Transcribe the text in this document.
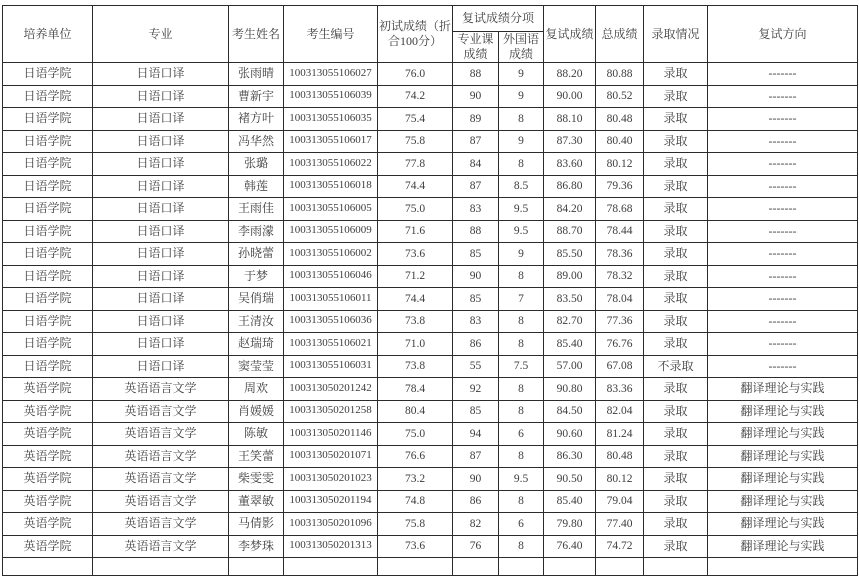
培养单位	专业	考生姓名	考生编号	初试成绩（折合100分）	复试成绩分项		复试成绩	总成绩	录取情况	复试方向
					专业课成绩	外国语成绩				
日语学院	日语口译	张雨晴	100313055106027	76.0	88	9	88.20	80.88	录取	-------
日语学院	日语口译	曹新宇	100313055106039	74.2	90	9	90.00	80.52	录取	-------
日语学院	日语口译	褚方叶	100313055106035	75.4	89	8	88.10	80.48	录取	-------
日语学院	日语口译	冯华然	100313055106017	75.8	87	9	87.30	80.40	录取	-------
日语学院	日语口译	张璐	100313055106022	77.8	84	8	83.60	80.12	录取	-------
日语学院	日语口译	韩莲	100313055106018	74.4	87	8.5	86.80	79.36	录取	-------
日语学院	日语口译	王雨佳	100313055106005	75.0	83	9.5	84.20	78.68	录取	-------
日语学院	日语口译	李雨濛	100313055106009	71.6	88	9.5	88.70	78.44	录取	-------
日语学院	日语口译	孙晓蕾	100313055106002	73.6	85	9	85.50	78.36	录取	-------
日语学院	日语口译	于梦	100313055106046	71.2	90	8	89.00	78.32	录取	-------
日语学院	日语口译	吴俏瑞	100313055106011	74.4	85	7	83.50	78.04	录取	-------
日语学院	日语口译	王清汝	100313055106036	73.8	83	8	82.70	77.36	录取	-------
日语学院	日语口译	赵瑞琦	100313055106021	71.0	86	8	85.40	76.76	录取	-------
日语学院	日语口译	窦莹莹	100313055106031	73.8	55	7.5	57.00	67.08	不录取	-------
英语学院	英语语言文学	周欢	100313050201242	78.4	92	8	90.80	83.36	录取	翻译理论与实践
英语学院	英语语言文学	肖媛媛	100313050201258	80.4	85	8	84.50	82.04	录取	翻译理论与实践
英语学院	英语语言文学	陈敏	100313050201146	75.0	94	6	90.60	81.24	录取	翻译理论与实践
英语学院	英语语言文学	王笑蕾	100313050201071	76.6	87	8	86.30	80.48	录取	翻译理论与实践
英语学院	英语语言文学	柴雯雯	100313050201023	73.2	90	9.5	90.50	80.12	录取	翻译理论与实践
英语学院	英语语言文学	董翠敏	100313050201194	74.8	86	8	85.40	79.04	录取	翻译理论与实践
英语学院	英语语言文学	马倩影	100313050201096	75.8	82	6	79.80	77.40	录取	翻译理论与实践
英语学院	英语语言文学	李梦珠	100313050201313	73.6	76	8	76.40	74.72	录取	翻译理论与实践
